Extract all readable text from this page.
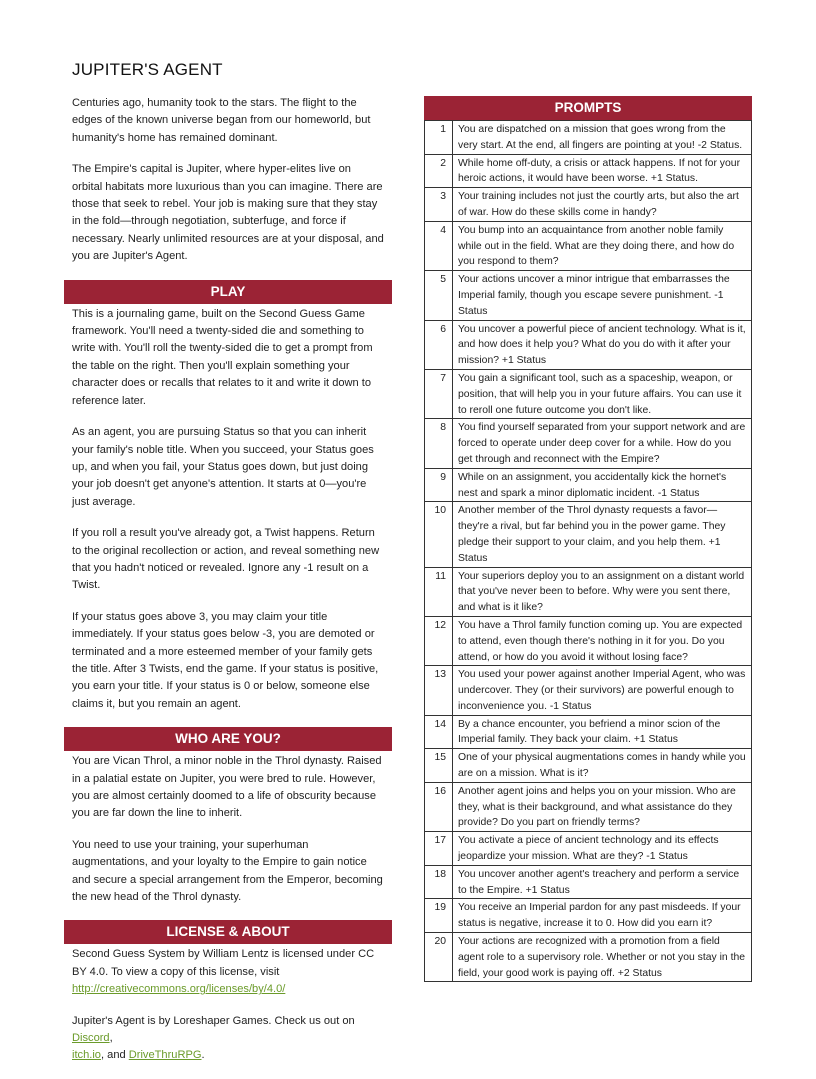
JUPITER'S AGENT

Centuries ago, humanity took to the stars. The flight to the edges of the known universe began from our homeworld, but humanity's home has remained dominant.

The Empire's capital is Jupiter, where hyper-elites live on orbital habitats more luxurious than you can imagine. There are those that seek to rebel. Your job is making sure that they stay in the fold—through negotiation, subterfuge, and force if necessary. Nearly unlimited resources are at your disposal, and you are Jupiter's Agent.

PLAY

This is a journaling game, built on the Second Guess Game framework. You'll need a twenty-sided die and something to write with. You'll roll the twenty-sided die to get a prompt from the table on the right. Then you'll explain something your character does or recalls that relates to it and write it down to reference later.

As an agent, you are pursuing Status so that you can inherit your family's noble title. When you succeed, your Status goes up, and when you fail, your Status goes down, but just doing your job doesn't get anyone's attention. It starts at 0—you're just average.

If you roll a result you've already got, a Twist happens. Return to the original recollection or action, and reveal something new that you hadn't noticed or revealed. Ignore any -1 result on a Twist.

If your status goes above 3, you may claim your title immediately. If your status goes below -3, you are demoted or terminated and a more esteemed member of your family gets the title. After 3 Twists, end the game. If your status is positive, you earn your title. If your status is 0 or below, someone else claims it, but you remain an agent.

WHO ARE YOU?

You are Vican Throl, a minor noble in the Throl dynasty. Raised in a palatial estate on Jupiter, you were bred to rule. However, you are almost certainly doomed to a life of obscurity because you are far down the line to inherit.

You need to use your training, your superhuman augmentations, and your loyalty to the Empire to gain notice and secure a special arrangement from the Emperor, becoming the new head of the Throl dynasty.

LICENSE & ABOUT

Second Guess System by William Lentz is licensed under CC BY 4.0. To view a copy of this license, visit
http://creativecommons.org/licenses/by/4.0/

Jupiter's Agent is by Loreshaper Games. Check us out on Discord,
itch.io, and DriveThruRPG.

PROMPTS
1	You are dispatched on a mission that goes wrong from the very start. At the end, all fingers are pointing at you! -2 Status.
2	While home off-duty, a crisis or attack happens. If not for your heroic actions, it would have been worse. +1 Status.
3	Your training includes not just the courtly arts, but also the art of war. How do these skills come in handy?
4	You bump into an acquaintance from another noble family while out in the field. What are they doing there, and how do you respond to them?
5	Your actions uncover a minor intrigue that embarrasses the Imperial family, though you escape severe punishment. -1 Status
6	You uncover a powerful piece of ancient technology. What is it, and how does it help you? What do you do with it after your mission? +1 Status
7	You gain a significant tool, such as a spaceship, weapon, or position, that will help you in your future affairs. You can use it to reroll one future outcome you don't like.
8	You find yourself separated from your support network and are forced to operate under deep cover for a while. How do you get through and reconnect with the Empire?
9	While on an assignment, you accidentally kick the hornet's nest and spark a minor diplomatic incident. -1 Status
10	Another member of the Throl dynasty requests a favor—they're a rival, but far behind you in the power game. They pledge their support to your claim, and you help them. +1 Status
11	Your superiors deploy you to an assignment on a distant world that you've never been to before. Why were you sent there, and what is it like?
12	You have a Throl family function coming up. You are expected to attend, even though there's nothing in it for you. Do you attend, or how do you avoid it without losing face?
13	You used your power against another Imperial Agent, who was undercover. They (or their survivors) are powerful enough to inconvenience you. -1 Status
14	By a chance encounter, you befriend a minor scion of the Imperial family. They back your claim. +1 Status
15	One of your physical augmentations comes in handy while you are on a mission. What is it?
16	Another agent joins and helps you on your mission. Who are they, what is their background, and what assistance do they provide? Do you part on friendly terms?
17	You activate a piece of ancient technology and its effects jeopardize your mission. What are they? -1 Status
18	You uncover another agent's treachery and perform a service to the Empire. +1 Status
19	You receive an Imperial pardon for any past misdeeds. If your status is negative, increase it to 0. How did you earn it?
20	Your actions are recognized with a promotion from a field agent role to a supervisory role. Whether or not you stay in the field, your good work is paying off. +2 Status
